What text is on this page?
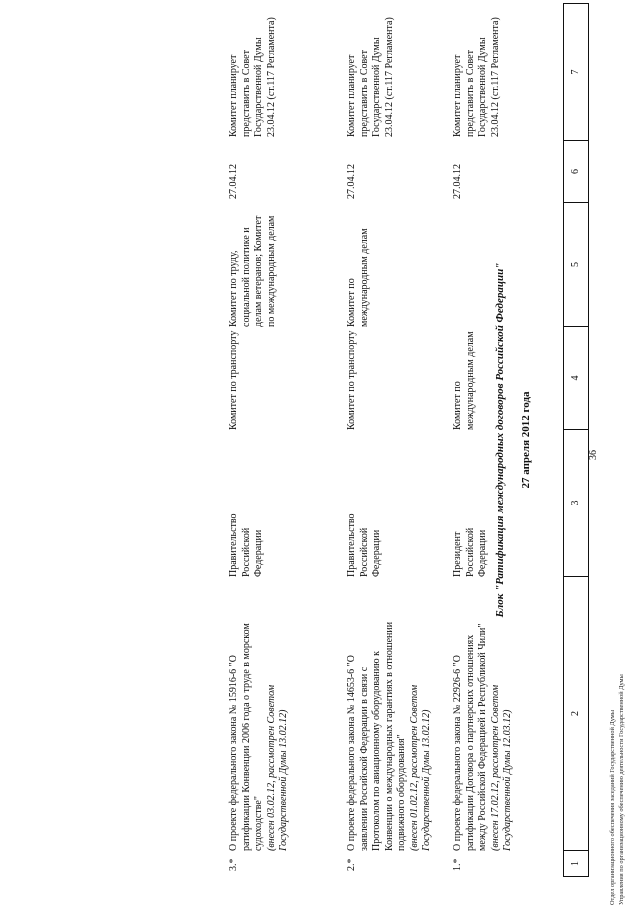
36
1
2
3
4
5
6
7
27 апреля 2012 года
Блок "Ратификация международных договоров Российской Федерации"
1.*
О проекте федерального закона № 22926-6 "О ратификации Договора о партнерских отношениях между Российской Федерацией и Республикой Чили" (внесен 17.02.12, рассмотрен Советом Государственной Думы 12.03.12)
Президент Российской Федерации
Комитет по международным делам
27.04.12
Комитет планирует представить в Совет Государственной Думы 23.04.12 (ст.117 Регламента)
2.*
О проекте федерального закона № 14653-6 "О заявлении Российской Федерации в связи с Протоколом по авиационному оборудованию к Конвенции о международных гарантиях в отношении подвижного оборудования" (внесен 01.02.12, рассмотрен Советом Государственной Думы 13.02.12)
Правительство Российской Федерации
Комитет по транспорту
Комитет по международным делам
27.04.12
Комитет планирует представить в Совет Государственной Думы 23.04.12 (ст.117 Регламента)
3.*
О проекте федерального закона № 15916-6 "О ратификации Конвенции 2006 года о труде в морском судоходстве" (внесен 03.02.12, рассмотрен Советом Государственной Думы 13.02.12)
Правительство Российской Федерации
Комитет по транспорту
Комитет по труду, социальной политике и делам ветеранов; Комитет по международным делам
27.04.12
Комитет планирует представить в Совет Государственной Думы 23.04.12 (ст.117 Регламента)
Отдел организационного обеспечения заседаний Государственной Думы Управления по организационному обеспечению деятельности Государственной Думы
